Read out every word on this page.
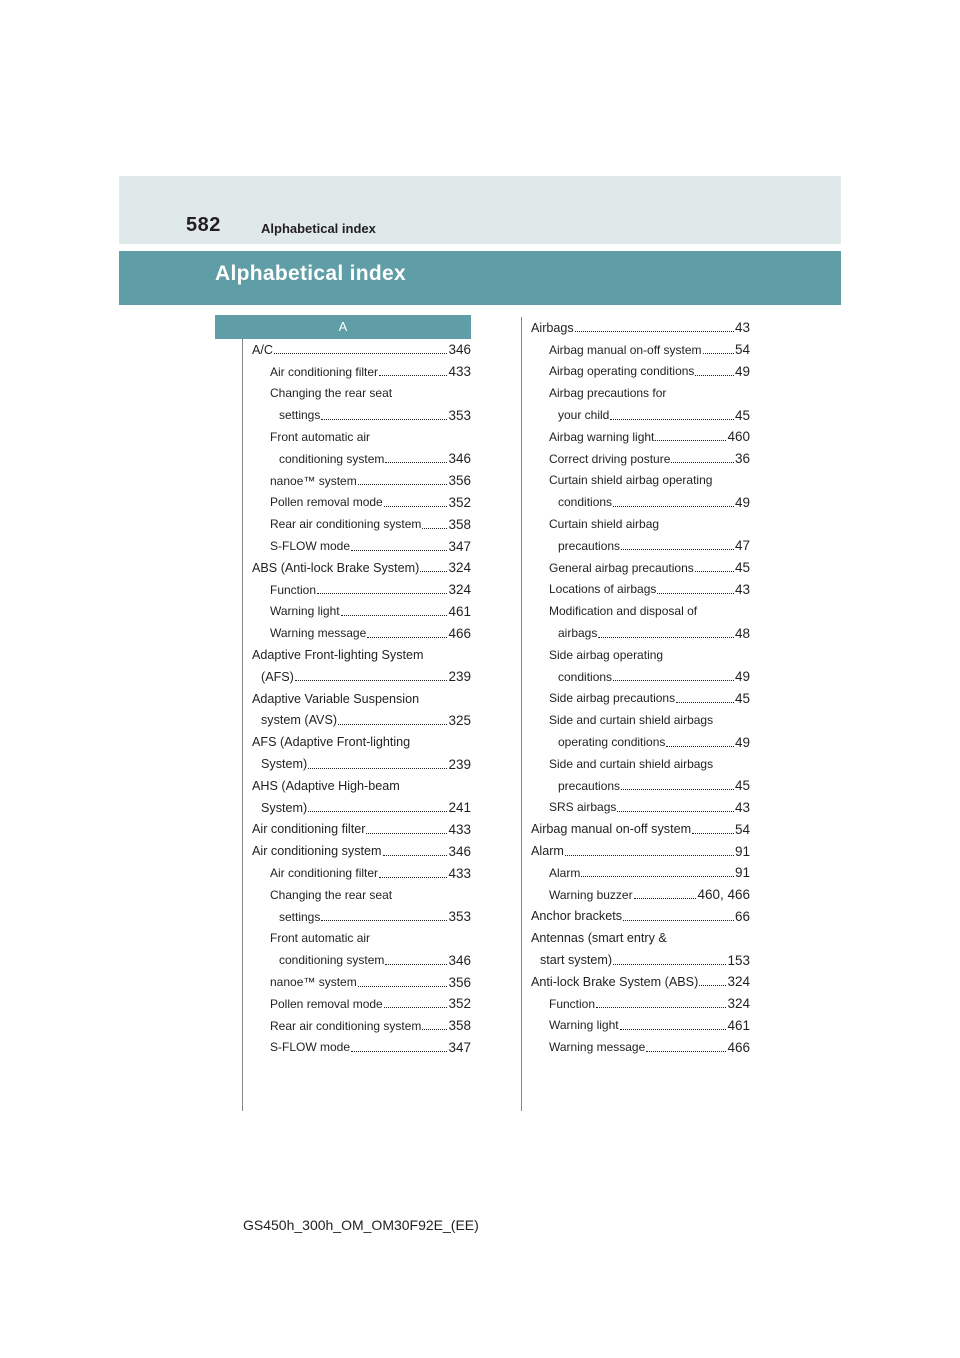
582	Alphabetical index
Alphabetical index
A
A/C	346
Air conditioning filter	433
Changing the rear seat
settings	353
Front automatic air
conditioning system	346
nanoe™ system	356
Pollen removal mode	352
Rear air conditioning system 358
S-FLOW mode	347
ABS (Anti-lock Brake System) 324
Function	324
Warning light	461
Warning message	466
Adaptive Front-lighting System
(AFS)	239
Adaptive Variable Suspension
system (AVS)	325
AFS (Adaptive Front-lighting
System)	239
AHS (Adaptive High-beam
System)	241
Air conditioning filter	433
Air conditioning system	346
Air conditioning filter	433
Changing the rear seat
settings	353
Front automatic air
conditioning system	346
nanoe™ system	356
Pollen removal mode	352
Rear air conditioning system 358
S-FLOW mode	347
Airbags	43
Airbag manual on-off system 54
Airbag operating conditions	49
Airbag precautions for
your child	45
Airbag warning light	460
Correct driving posture	36
Curtain shield airbag operating
conditions	49
Curtain shield airbag
precautions	47
General airbag precautions	45
Locations of airbags	43
Modification and disposal of
airbags	48
Side airbag operating
conditions	49
Side airbag precautions	45
Side and curtain shield airbags
operating conditions	49
Side and curtain shield airbags
precautions	45
SRS airbags	43
Airbag manual on-off system	54
Alarm	91
Alarm	91
Warning buzzer	460, 466
Anchor brackets	66
Antennas (smart entry &
start system)	153
Anti-lock Brake System (ABS) 324
Function	324
Warning light	461
Warning message	466
GS450h_300h_OM_OM30F92E_(EE)
